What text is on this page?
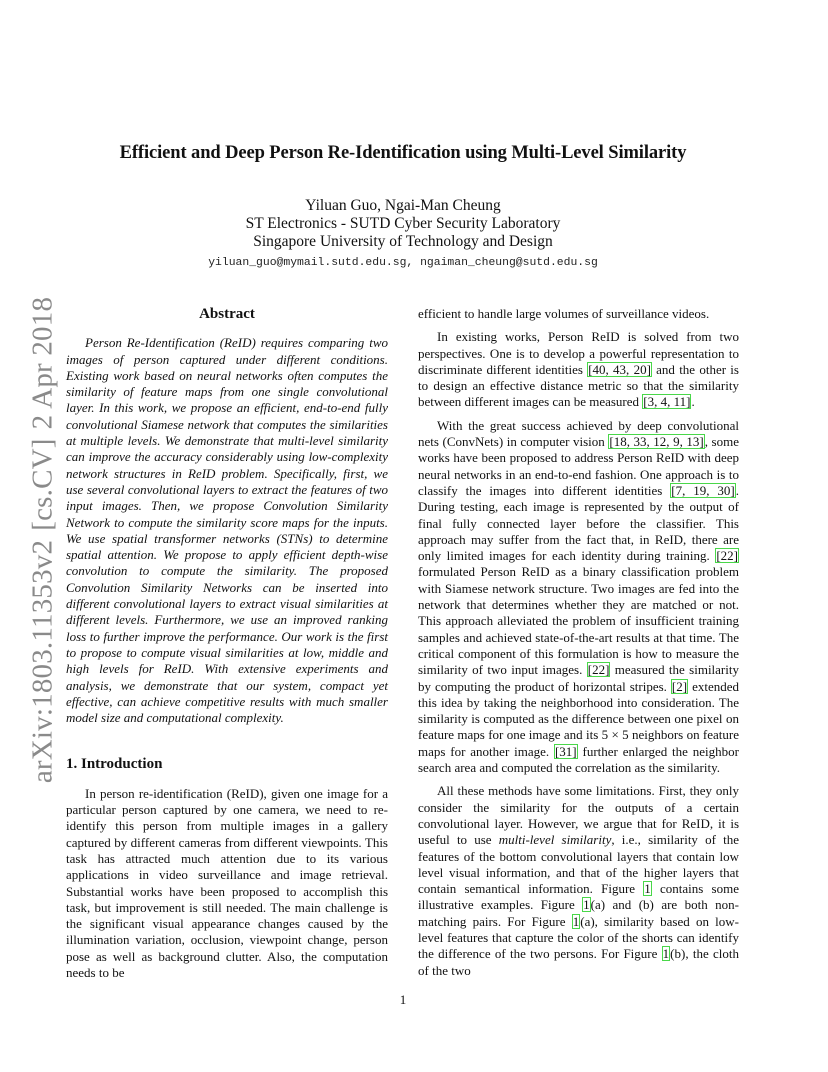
arXiv:1803.11353v2[cs.CV]2 Apr 2018
Efficient and Deep Person Re-Identification using Multi-Level Similarity
Yiluan Guo, Ngai-Man Cheung
ST Electronics - SUTD Cyber Security Laboratory
Singapore University of Technology and Design
yiluan_guo@mymail.sutd.edu.sg, ngaiman_cheung@sutd.edu.sg
Abstract

Person Re-Identification (ReID) requires comparing two images of person captured under different conditions. Existing work based on neural networks often computes the similarity of feature maps from one single convolutional layer. In this work, we propose an efficient, end-to-end fully convolutional Siamese network that computes the similarities at multiple levels. We demonstrate that multi-level similarity can improve the accuracy considerably using low-complexity network structures in ReID problem. Specifically, first, we use several convolutional layers to extract the features of two input images. Then, we propose Convolution Similarity Network to compute the similarity score maps for the inputs. We use spatial transformer networks (STNs) to determine spatial attention. We propose to apply efficient depth-wise convolution to compute the similarity. The proposed Convolution Similarity Networks can be inserted into different convolutional layers to extract visual similarities at different levels. Furthermore, we use an improved ranking loss to further improve the performance. Our work is the first to propose to compute visual similarities at low, middle and high levels for ReID. With extensive experiments and analysis, we demonstrate that our system, compact yet effective, can achieve competitive results with much smaller model size and computational complexity.

1. Introduction

In person re-identification (ReID), given one image for a particular person captured by one camera, we need to re-identify this person from multiple images in a gallery captured by different cameras from different viewpoints. This task has attracted much attention due to its various applications in video surveillance and image retrieval. Substantial works have been proposed to accomplish this task, but improvement is still needed. The main challenge is the significant visual appearance changes caused by the illumination variation, occlusion, viewpoint change, person pose as well as background clutter. Also, the computation needs to be

efficient to handle large volumes of surveillance videos.

In existing works, Person ReID is solved from two perspectives. One is to develop a powerful representation to discriminate different identities [40, 43, 20] and the other is to design an effective distance metric so that the similarity between different images can be measured [3, 4, 11].

With the great success achieved by deep convolutional nets (ConvNets) in computer vision [18, 33, 12, 9, 13], some works have been proposed to address Person ReID with deep neural networks in an end-to-end fashion. One approach is to classify the images into different identities [7, 19, 30]. During testing, each image is represented by the output of final fully connected layer before the classifier. This approach may suffer from the fact that, in ReID, there are only limited images for each identity during training. [22] formulated Person ReID as a binary classification problem with Siamese network structure. Two images are fed into the network that determines whether they are matched or not. This approach alleviated the problem of insufficient training samples and achieved state-of-the-art results at that time. The critical component of this formulation is how to measure the similarity of two input images. [22] measured the similarity by computing the product of horizontal stripes. [2] extended this idea by taking the neighborhood into consideration. The similarity is computed as the difference between one pixel on feature maps for one image and its 5 × 5 neighbors on feature maps for another image. [31] further enlarged the neighbor search area and computed the correlation as the similarity.

All these methods have some limitations. First, they only consider the similarity for the outputs of a certain convolutional layer. However, we argue that for ReID, it is useful to use multi-level similarity, i.e., similarity of the features of the bottom convolutional layers that contain low level visual information, and that of the higher layers that contain semantical information. Figure 1 contains some illustrative examples. Figure 1(a) and (b) are both non-matching pairs. For Figure 1(a), similarity based on low-level features that capture the color of the shorts can identify the difference of the two persons. For Figure 1(b), the cloth of the two

1
